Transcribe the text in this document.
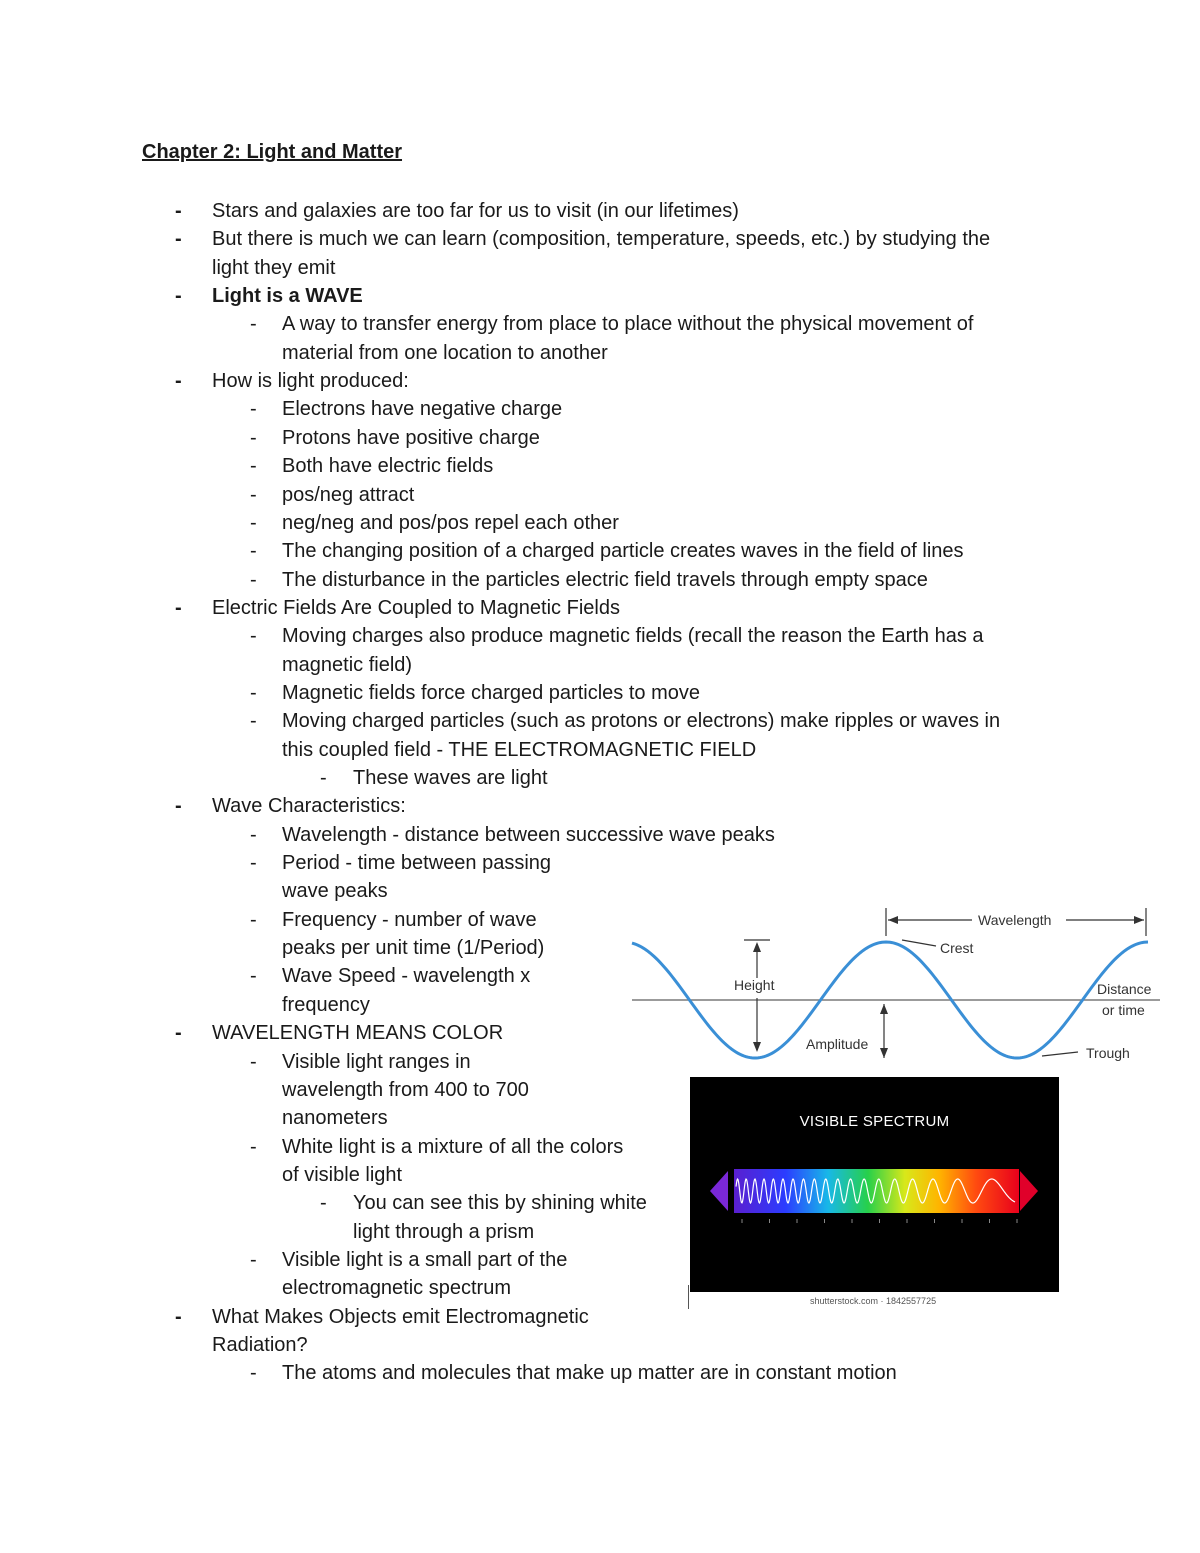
Chapter 2: Light and Matter

- Stars and galaxies are too far for us to visit (in our lifetimes)

- But there is much we can learn (composition, temperature, speeds, etc.) by studying the

light they emit

- Light is a WAVE

- A way to transfer energy from place to place without the physical movement of

material from one location to another

- How is light produced:

- Electrons have negative charge

- Protons have positive charge

- Both have electric fields

- pos/neg attract

- neg/neg and pos/pos repel each other

- The changing position of a charged particle creates waves in the field of lines

- The disturbance in the particles electric field travels through empty space

- Electric Fields Are Coupled to Magnetic Fields

- Moving charges also produce magnetic fields (recall the reason the Earth has a

magnetic field)

- Magnetic fields force charged particles to move

- Moving charged particles (such as protons or electrons) make ripples or waves in

this coupled field - THE ELECTROMAGNETIC FIELD

- These waves are light

- Wave Characteristics:

- Wavelength - distance between successive wave peaks

- Period - time between passing

wave peaks

- Frequency - number of wave

peaks per unit time (1/Period)

- Wave Speed - wavelength x

frequency

- WAVELENGTH MEANS COLOR

- Visible light ranges in

wavelength from 400 to 700

nanometers

- White light is a mixture of all the colors

of visible light

- You can see this by shining white

light through a prism

- Visible light is a small part of the

electromagnetic spectrum

- What Makes Objects emit Electromagnetic

Radiation?

- The atoms and molecules that make up matter are in constant motion

Wavelength
Crest
Height
Amplitude
Distance
or time
Trough

VISIBLE SPECTRUM

shutterstock.com · 1842557725
